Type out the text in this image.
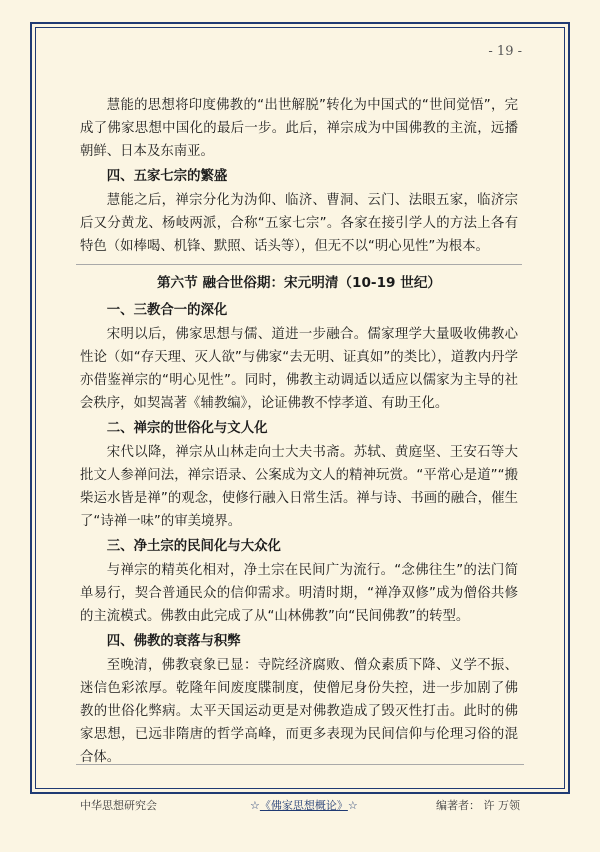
- 19 -

慧能的思想将印度佛教的“出世解脱”转化为中国式的“世间觉悟”，完成了佛家思想中国化的最后一步。此后，禅宗成为中国佛教的主流，远播朝鲜、日本及东南亚。

四、五家七宗的繁盛

慧能之后，禅宗分化为沩仰、临济、曹洞、云门、法眼五家，临济宗后又分黄龙、杨岐两派，合称“五家七宗”。各家在接引学人的方法上各有特色（如棒喝、机锋、默照、话头等），但无不以“明心见性”为根本。

第六节 融合世俗期：宋元明清（10-19 世纪）
一、三教合一的深化

宋明以后，佛家思想与儒、道进一步融合。儒家理学大量吸收佛教心性论（如“存天理、灭人欲”与佛家“去无明、证真如”的类比），道教内丹学亦借鉴禅宗的“明心见性”。同时，佛教主动调适以适应以儒家为主导的社会秩序，如契嵩著《辅教编》，论证佛教不悖孝道、有助王化。

二、禅宗的世俗化与文人化

宋代以降，禅宗从山林走向士大夫书斋。苏轼、黄庭坚、王安石等大批文人参禅问法，禅宗语录、公案成为文人的精神玩赏。“平常心是道”“搬柴运水皆是禅”的观念，使修行融入日常生活。禅与诗、书画的融合，催生了“诗禅一味”的审美境界。

三、净土宗的民间化与大众化

与禅宗的精英化相对，净土宗在民间广为流行。“念佛往生”的法门简单易行，契合普通民众的信仰需求。明清时期，“禅净双修”成为僧俗共修的主流模式。佛教由此完成了从“山林佛教”向“民间佛教”的转型。

四、佛教的衰落与积弊

至晚清，佛教衰象已显：寺院经济腐败、僧众素质下降、义学不振、迷信色彩浓厚。乾隆年间废度牒制度，使僧尼身份失控，进一步加剧了佛教的世俗化弊病。太平天国运动更是对佛教造成了毁灭性打击。此时的佛家思想，已远非隋唐的哲学高峰，而更多表现为民间信仰与伦理习俗的混合体。

中华思想研究会	☆《佛家思想概论》☆	编著者： 许 万领
